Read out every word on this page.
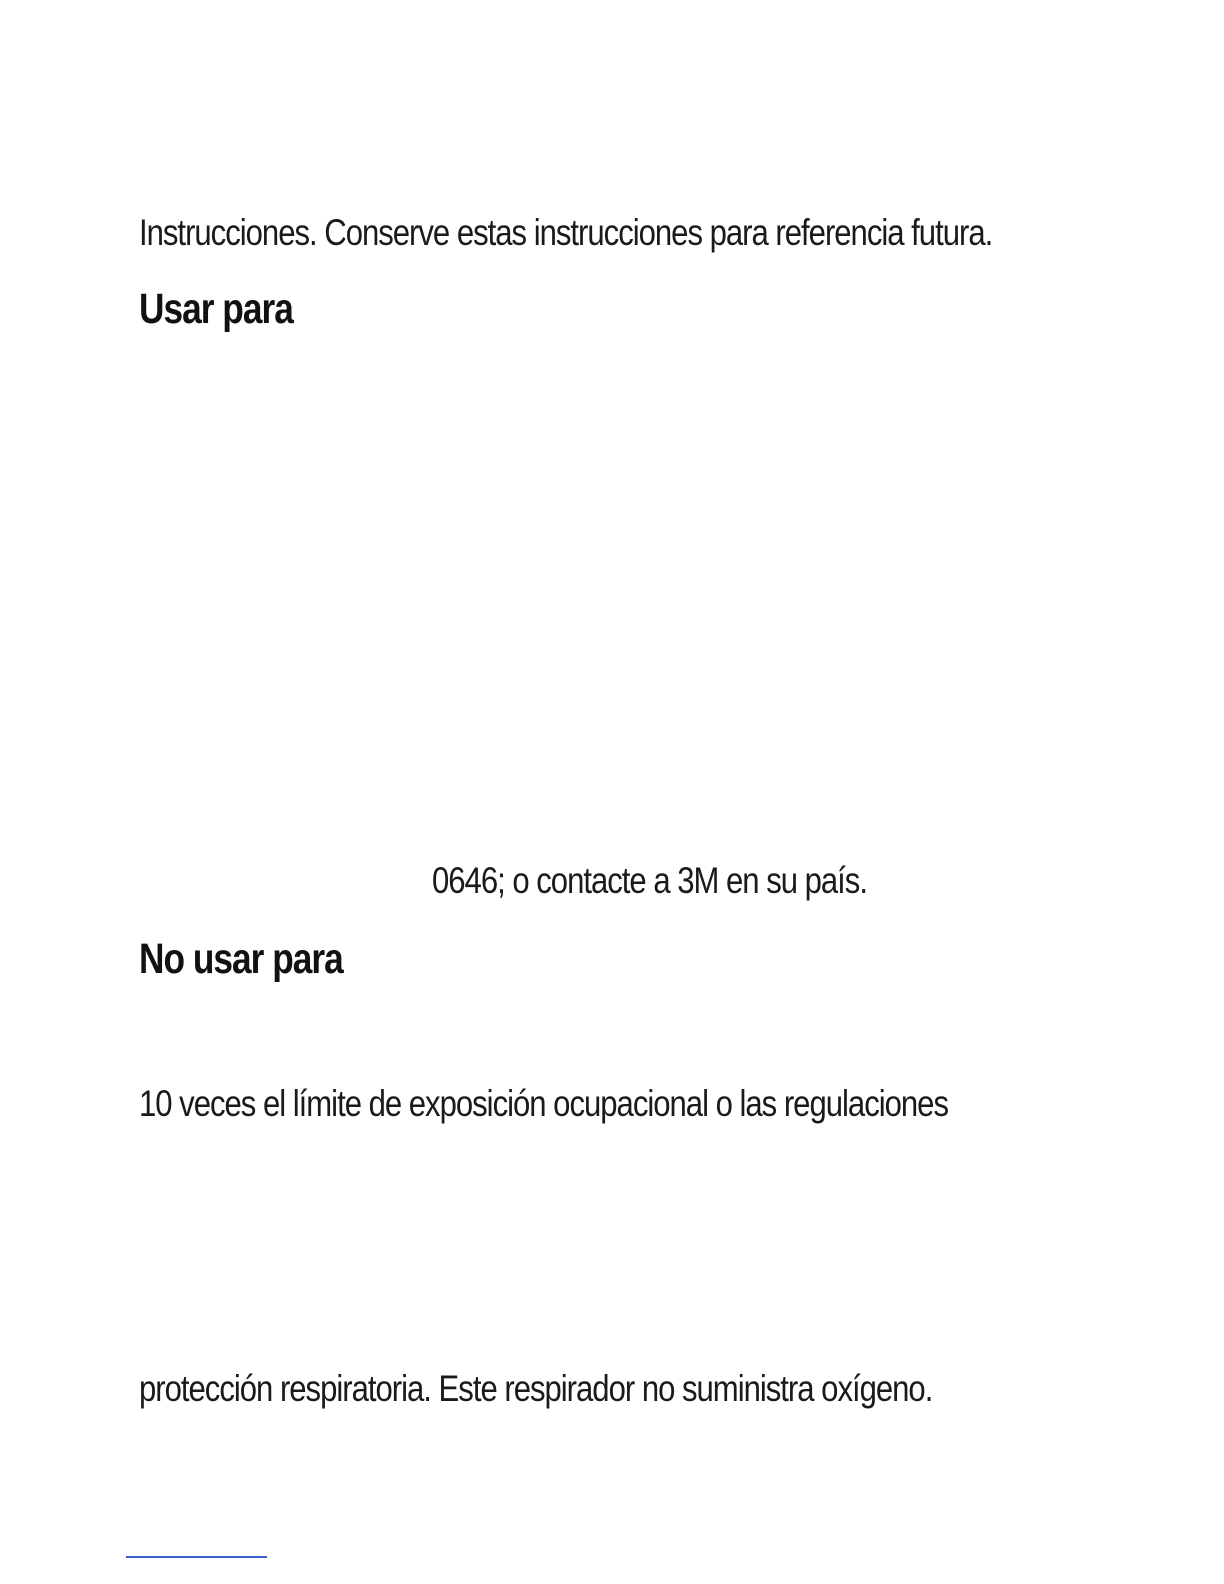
Instrucciones. Conserve estas instrucciones para referencia futura.
Usar para
0646; o contacte a 3M en su país.
No usar para
10 veces el límite de exposición ocupacional o las regulaciones
protección respiratoria. Este respirador no suministra oxígeno.
